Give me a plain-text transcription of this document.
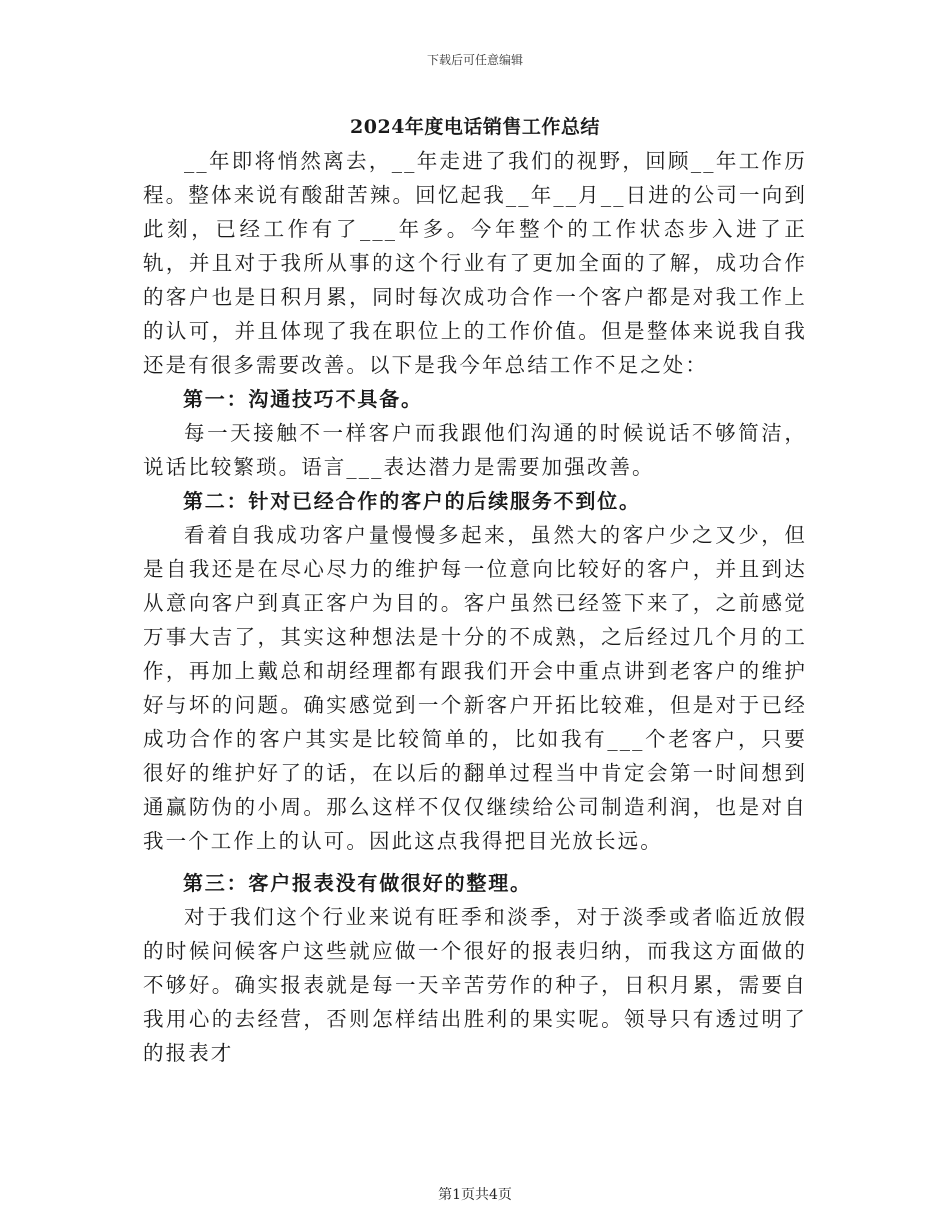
下载后可任意编辑
2024年度电话销售工作总结

__年即将悄然离去，__年走进了我们的视野，回顾__年工作历程。整体来说有酸甜苦辣。回忆起我__年__月__日进的公司一向到此刻，已经工作有了___年多。今年整个的工作状态步入进了正轨，并且对于我所从事的这个行业有了更加全面的了解，成功合作的客户也是日积月累，同时每次成功合作一个客户都是对我工作上的认可，并且体现了我在职位上的工作价值。但是整体来说我自我还是有很多需要改善。以下是我今年总结工作不足之处：

第一：沟通技巧不具备。

每一天接触不一样客户而我跟他们沟通的时候说话不够简洁，说话比较繁琐。语言___表达潜力是需要加强改善。

第二：针对已经合作的客户的后续服务不到位。

看着自我成功客户量慢慢多起来，虽然大的客户少之又少，但是自我还是在尽心尽力的维护每一位意向比较好的客户，并且到达从意向客户到真正客户为目的。客户虽然已经签下来了，之前感觉万事大吉了，其实这种想法是十分的不成熟，之后经过几个月的工作，再加上戴总和胡经理都有跟我们开会中重点讲到老客户的维护好与坏的问题。确实感觉到一个新客户开拓比较难，但是对于已经成功合作的客户其实是比较简单的，比如我有___个老客户，只要很好的维护好了的话，在以后的翻单过程当中肯定会第一时间想到通赢防伪的小周。那么这样不仅仅继续给公司制造利润，也是对自我一个工作上的认可。因此这点我得把目光放长远。

第三：客户报表没有做很好的整理。

对于我们这个行业来说有旺季和淡季，对于淡季或者临近放假的时候问候客户这些就应做一个很好的报表归纳，而我这方面做的不够好。确实报表就是每一天辛苦劳作的种子，日积月累，需要自我用心的去经营，否则怎样结出胜利的果实呢。领导只有透过明了的报表才

第1页共4页
